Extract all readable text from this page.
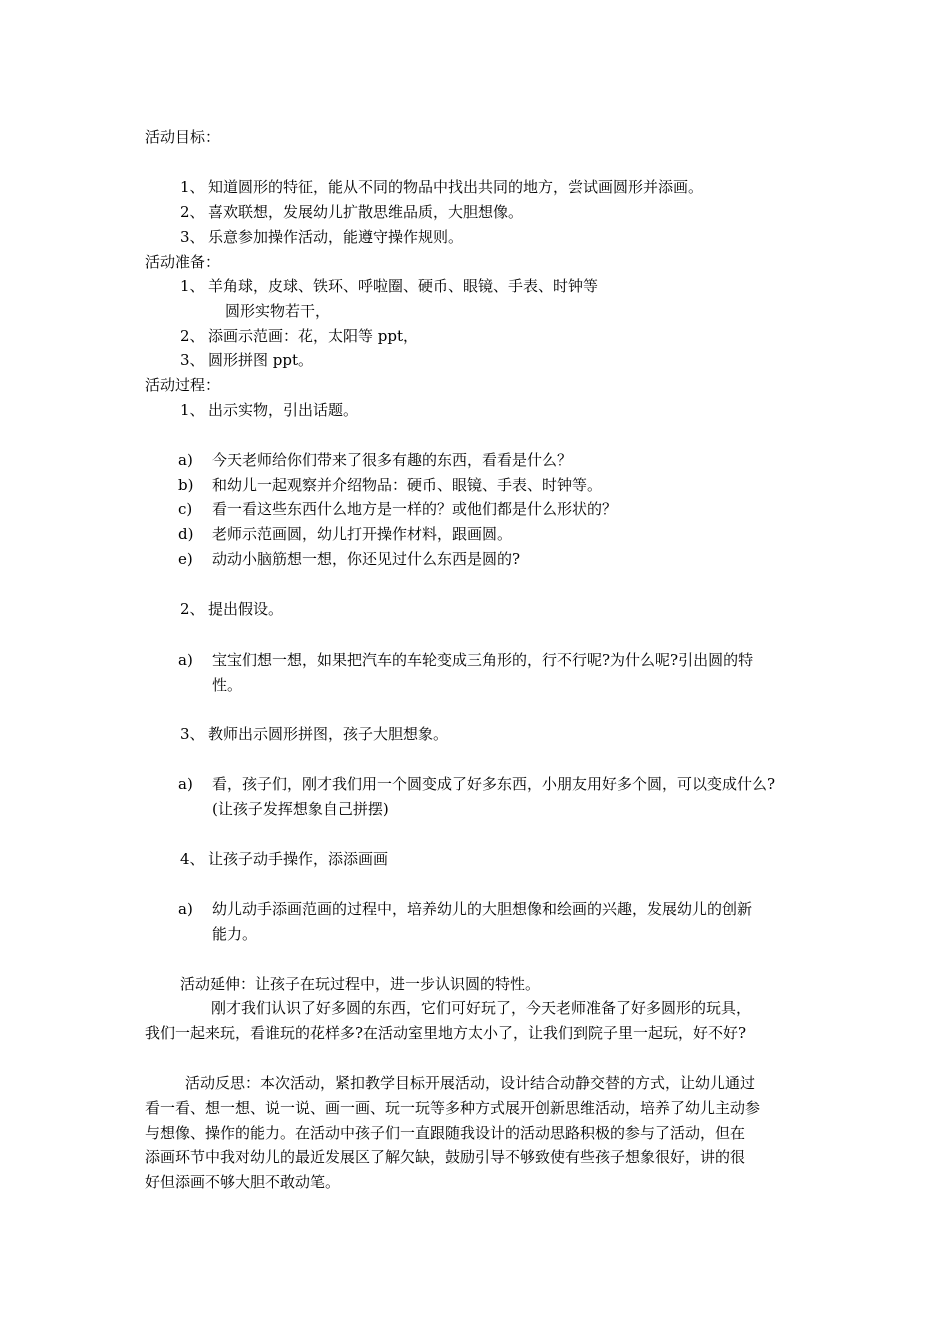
活动目标：
1、 知道圆形的特征，能从不同的物品中找出共同的地方，尝试画圆形并添画。
2、 喜欢联想，发展幼儿扩散思维品质，大胆想像。
3、 乐意参加操作活动，能遵守操作规则。
活动准备：
1、 羊角球，皮球、铁环、呼啦圈、硬币、眼镜、手表、时钟等
圆形实物若干，
2、 添画示范画：花，太阳等 ppt，
3、 圆形拼图 ppt。
活动过程：
1、 出示实物，引出话题。
a) 今天老师给你们带来了很多有趣的东西，看看是什么？
b) 和幼儿一起观察并介绍物品：硬币、眼镜、手表、时钟等。
c) 看一看这些东西什么地方是一样的？或他们都是什么形状的？
d) 老师示范画圆，幼儿打开操作材料，跟画圆。
e) 动动小脑筋想一想，你还见过什么东西是圆的?
2、 提出假设。
a) 宝宝们想一想，如果把汽车的车轮变成三角形的，行不行呢?为什么呢?引出圆的特
性。
3、 教师出示圆形拼图，孩子大胆想象。
a) 看，孩子们，刚才我们用一个圆变成了好多东西，小朋友用好多个圆，可以变成什么?
(让孩子发挥想象自己拼摆)
4、 让孩子动手操作，添添画画
a) 幼儿动手添画范画的过程中，培养幼儿的大胆想像和绘画的兴趣，发展幼儿的创新
能力。
活动延伸：让孩子在玩过程中，进一步认识圆的特性。
刚才我们认识了好多圆的东西，它们可好玩了，今天老师准备了好多圆形的玩具，
我们一起来玩，看谁玩的花样多?在活动室里地方太小了，让我们到院子里一起玩，好不好?
活动反思：本次活动，紧扣教学目标开展活动，设计结合动静交替的方式，让幼儿通过
看一看、想一想、说一说、画一画、玩一玩等多种方式展开创新思维活动，培养了幼儿主动参
与想像、操作的能力。在活动中孩子们一直跟随我设计的活动思路积极的参与了活动，但在
添画环节中我对幼儿的最近发展区了解欠缺，鼓励引导不够致使有些孩子想象很好，讲的很
好但添画不够大胆不敢动笔。
